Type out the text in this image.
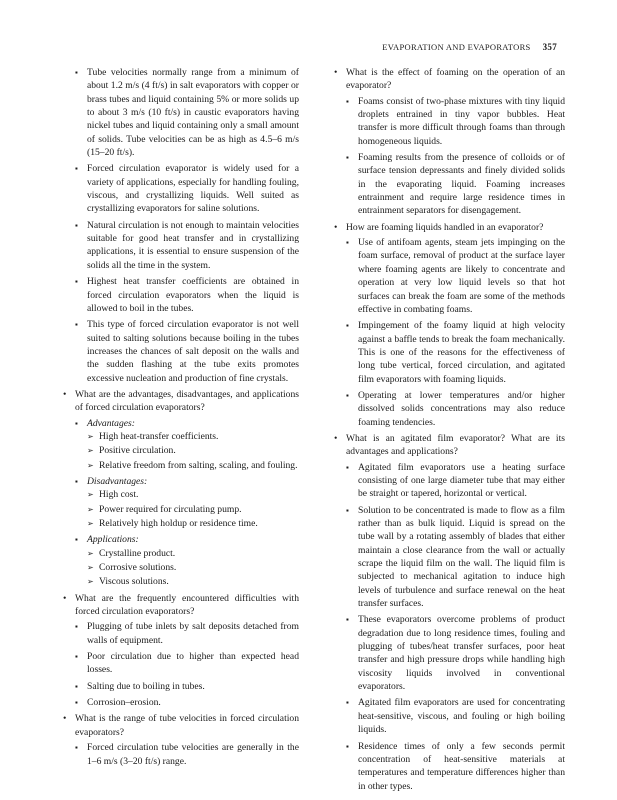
EVAPORATION AND EVAPORATORS 357
▪ Tube velocities normally range from a minimum of about 1.2 m/s (4 ft/s) in salt evaporators with copper or brass tubes and liquid containing 5% or more solids up to about 3 m/s (10 ft/s) in caustic evaporators having nickel tubes and liquid containing only a small amount of solids. Tube velocities can be as high as 4.5–6 m/s (15–20 ft/s).
▪ Forced circulation evaporator is widely used for a variety of applications, especially for handling fouling, viscous, and crystallizing liquids. Well suited as crystallizing evaporators for saline solutions.
▪ Natural circulation is not enough to maintain velocities suitable for good heat transfer and in crystallizing applications, it is essential to ensure suspension of the solids all the time in the system.
▪ Highest heat transfer coefficients are obtained in forced circulation evaporators when the liquid is allowed to boil in the tubes.
▪ This type of forced circulation evaporator is not well suited to salting solutions because boiling in the tubes increases the chances of salt deposit on the walls and the sudden flashing at the tube exits promotes excessive nucleation and production of fine crystals.
• What are the advantages, disadvantages, and applications of forced circulation evaporators?
▪ Advantages:
➢ High heat-transfer coefficients.
➢ Positive circulation.
➢ Relative freedom from salting, scaling, and fouling.
▪ Disadvantages:
➢ High cost.
➢ Power required for circulating pump.
➢ Relatively high holdup or residence time.
▪ Applications:
➢ Crystalline product.
➢ Corrosive solutions.
➢ Viscous solutions.
• What are the frequently encountered difficulties with forced circulation evaporators?
▪ Plugging of tube inlets by salt deposits detached from walls of equipment.
▪ Poor circulation due to higher than expected head losses.
▪ Salting due to boiling in tubes.
▪ Corrosion–erosion.
• What is the range of tube velocities in forced circulation evaporators?
▪ Forced circulation tube velocities are generally in the 1–6 m/s (3–20 ft/s) range.
• What is the effect of foaming on the operation of an evaporator?
▪ Foams consist of two-phase mixtures with tiny liquid droplets entrained in tiny vapor bubbles. Heat transfer is more difficult through foams than through homogeneous liquids.
▪ Foaming results from the presence of colloids or of surface tension depressants and finely divided solids in the evaporating liquid. Foaming increases entrainment and require large residence times in entrainment separators for disengagement.
• How are foaming liquids handled in an evaporator?
▪ Use of antifoam agents, steam jets impinging on the foam surface, removal of product at the surface layer where foaming agents are likely to concentrate and operation at very low liquid levels so that hot surfaces can break the foam are some of the methods effective in combating foams.
▪ Impingement of the foamy liquid at high velocity against a baffle tends to break the foam mechanically. This is one of the reasons for the effectiveness of long tube vertical, forced circulation, and agitated film evaporators with foaming liquids.
▪ Operating at lower temperatures and/or higher dissolved solids concentrations may also reduce foaming tendencies.
• What is an agitated film evaporator? What are its advantages and applications?
▪ Agitated film evaporators use a heating surface consisting of one large diameter tube that may either be straight or tapered, horizontal or vertical.
▪ Solution to be concentrated is made to flow as a film rather than as bulk liquid. Liquid is spread on the tube wall by a rotating assembly of blades that either maintain a close clearance from the wall or actually scrape the liquid film on the wall. The liquid film is subjected to mechanical agitation to induce high levels of turbulence and surface renewal on the heat transfer surfaces.
▪ These evaporators overcome problems of product degradation due to long residence times, fouling and plugging of tubes/heat transfer surfaces, poor heat transfer and high pressure drops while handling high viscosity liquids involved in conventional evaporators.
▪ Agitated film evaporators are used for concentrating heat-sensitive, viscous, and fouling or high boiling liquids.
▪ Residence times of only a few seconds permit concentration of heat-sensitive materials at temperatures and temperature differences higher than in other types.
